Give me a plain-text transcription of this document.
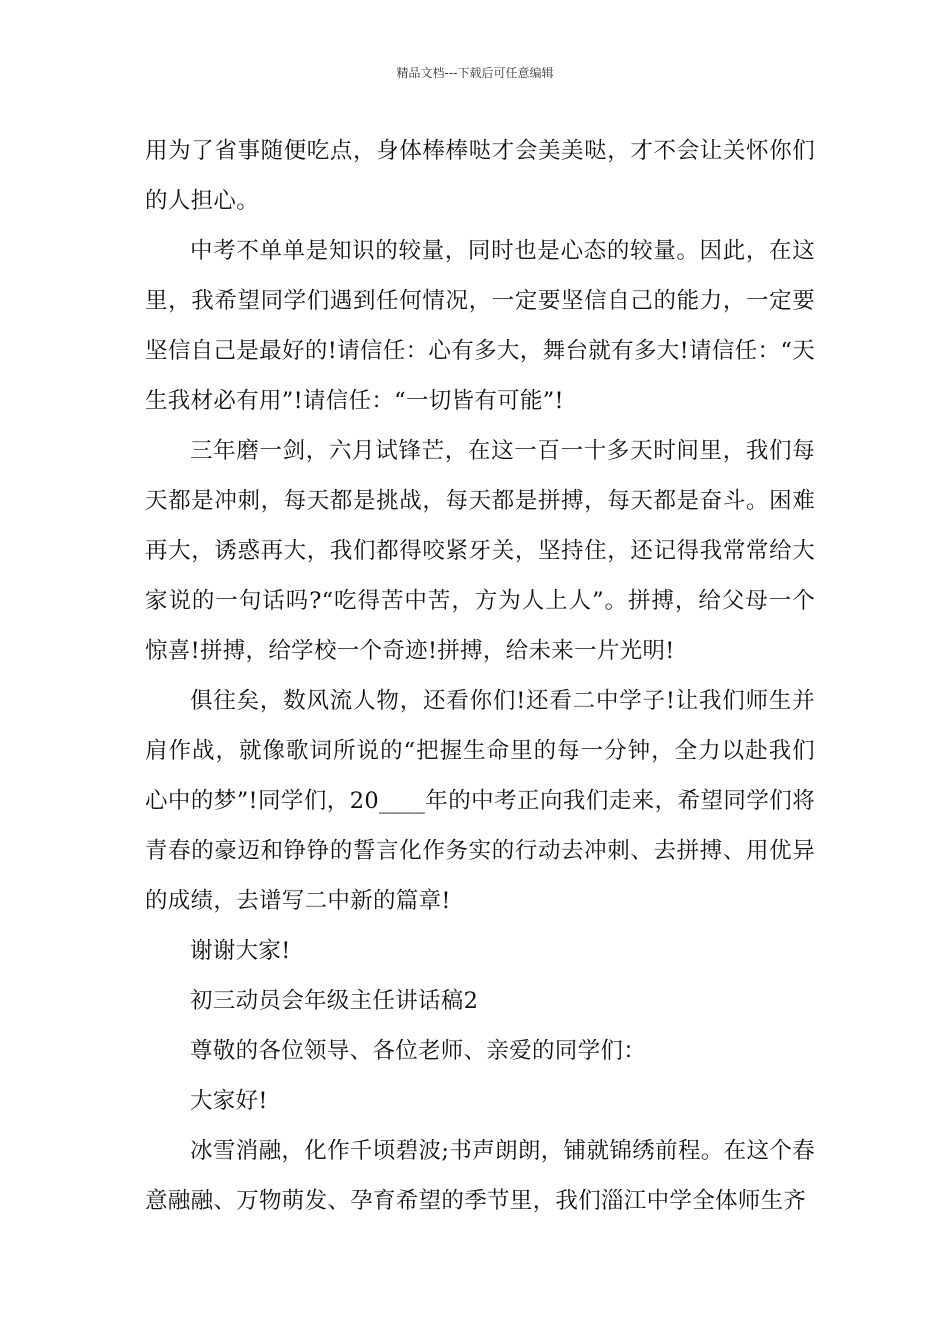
精品文档---下载后可任意编辑

用为了省事随便吃点，身体棒棒哒才会美美哒，才不会让关怀你们的人担心。

中考不单单是知识的较量，同时也是心态的较量。因此，在这里，我希望同学们遇到任何情况，一定要坚信自己的能力，一定要坚信自己是最好的!请信任：心有多大，舞台就有多大!请信任：“天生我材必有用”!请信任：“一切皆有可能”!

三年磨一剑，六月试锋芒，在这一百一十多天时间里，我们每天都是冲刺，每天都是挑战，每天都是拼搏，每天都是奋斗。困难再大，诱惑再大，我们都得咬紧牙关，坚持住，还记得我常常给大家说的一句话吗?“吃得苦中苦，方为人上人”。拼搏，给父母一个惊喜!拼搏，给学校一个奇迹!拼搏，给未来一片光明!

俱往矣，数风流人物，还看你们!还看二中学子!让我们师生并肩作战，就像歌词所说的“把握生命里的每一分钟，全力以赴我们心中的梦”!同学们，20____年的中考正向我们走来，希望同学们将青春的豪迈和铮铮的誓言化作务实的行动去冲刺、去拼搏、用优异的成绩，去谱写二中新的篇章!

谢谢大家!

初三动员会年级主任讲话稿2

尊敬的各位领导、各位老师、亲爱的同学们：

大家好!

冰雪消融，化作千顷碧波;书声朗朗，铺就锦绣前程。在这个春意融融、万物萌发、孕育希望的季节里，我们淄江中学全体师生齐
